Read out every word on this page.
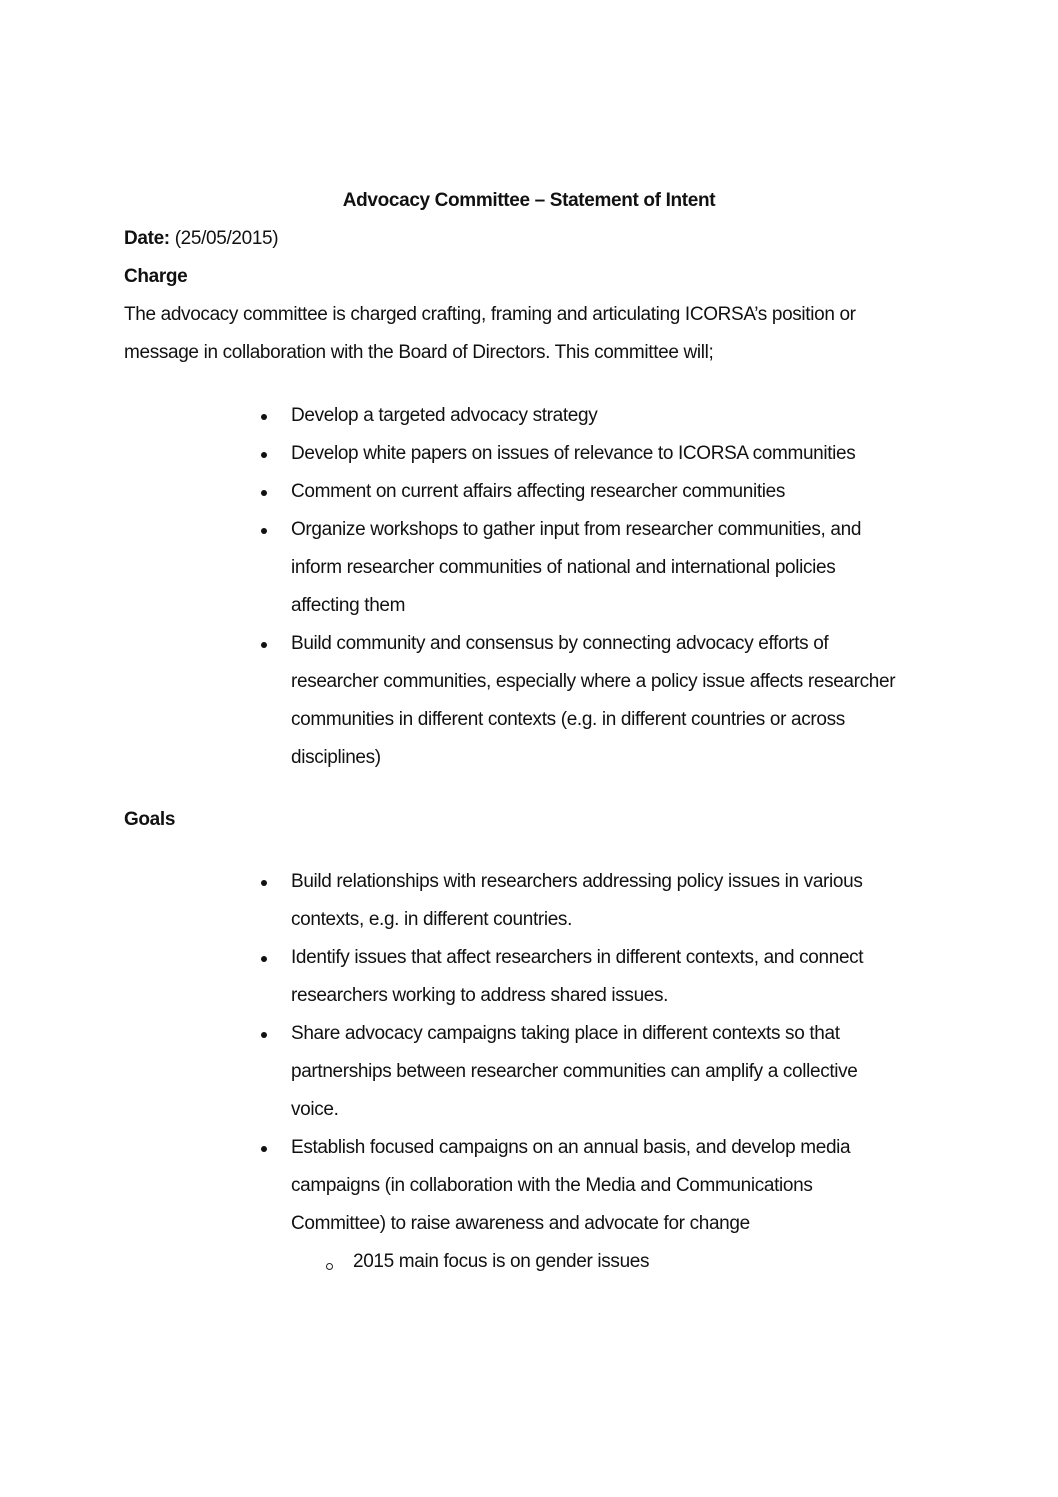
Advocacy Committee – Statement of Intent
Date: (25/05/2015)
Charge
The advocacy committee is charged crafting, framing and articulating ICORSA’s position or
message in collaboration with the Board of Directors. This committee will;
Develop a targeted advocacy strategy
Develop white papers on issues of relevance to ICORSA communities
Comment on current affairs affecting researcher communities
Organize workshops to gather input from researcher communities, and
inform researcher communities of national and international policies
affecting them
Build community and consensus by connecting advocacy efforts of
researcher communities, especially where a policy issue affects researcher
communities in different contexts (e.g. in different countries or across
disciplines)
Goals
Build relationships with researchers addressing policy issues in various
contexts, e.g. in different countries.
Identify issues that affect researchers in different contexts, and connect
researchers working to address shared issues.
Share advocacy campaigns taking place in different contexts so that
partnerships between researcher communities can amplify a collective
voice.
Establish focused campaigns on an annual basis, and develop media
campaigns (in collaboration with the Media and Communications
Committee) to raise awareness and advocate for change
2015 main focus is on gender issues
